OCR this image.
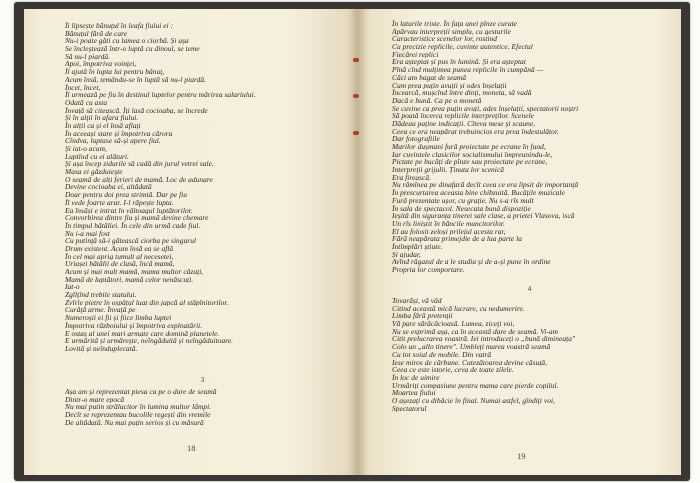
Îi lipsește bănuțul în leafa fiului ei :
Bănuțul fără de care
Nu-i poate găti cu lamea o ciorbă. Și așa
Se încleștează într-o luptă cu dinoul, se teme
Să nu-l piardă.
Apoi, împotriva voinței,
Îl ajută în lupta lui pentru bănuț,
Acum însă, temându-se în luptă să nu-l piardă.
Încet, încet,
Îl urmează pe fiu în destinul luptelor pentru mărirea salariului.
Odată cu asta
Învață să citească. Îți lasă cocioaba, se încrede
Și în alții în afara fiului.
În alții ca și el însă aflați
În aceeași stare și împotriva cărora
Cîndva, luptase să-și apere fiul.
Și iat-o acum,
Luptînd cu ei alături.
Și așa încep zidurile să cadă din jurul vetrei sale.
Masa ei găzduiește
O seamă de alți ferieri de mamă. Loc de adunare
Devine cocioaba ei, altădată
Doar pentru doi prea strimtă. Dar pe fiu
Îl vede foarte arar. I-l răpește lupta.
Ea însăși e intrat în vâltoagul luptătorilor.
Convorbirea dintre fiu și mamă devine chemare
În timpul bătăliei. În cele din urmă cade fiul.
Nu i-a mai fost
Cu putință să-i gătească ciorba pe singurul
Drum existent. Acum însă ea se află
În cel mai aprig tumult al necesetei,
Uriașei bătălii de clasă, încă mamă,
Acum și mai mult mamă, mama multor căzuți,
Mamă de luptători, mamă celor nenăscuți.
Iat-o
Zgîlțînd trebile statului.
Zvîrle pietre în ospățul luat din japcă al stăpînitorilor.
Curăță arme. Învață pe
Numeroșii ei fii și fiice limba luptei
Împotriva războiului și împotriva exploatării.
E ostaș al unei mari armate care domină planetele.
E urmărită și urmărește, neîngăduită și neîngăduitoare.
Lovită și neînduplecată.
3
Așa am și reprezentat piesa ca pe o dare de seamă
Dintr-o mare epocă
Nu mai putin strălucitor în lumina multor lămpi.
Decît se reprezentau bucolile regești din vremile
De altădată. Nu mai puțin serios și cu măsură
În laturile triste. În fața unei pînze curate
Apărvau interpreții simplu, cu gesturile
Caracteristice scenelor lor, rostind
Cu precizie replicile, cuvinte autentice. Efectul
Fiecărei replici
Era așteptat și pus în lumină. Și era așteptat
Pînă cînd mulțimea punea replicile în cumpănă —
Căci am bagat de seamă
Cum prea puțin avuții și odes înșelații
Încearcă, mușcînd între dinți, moneta, să vadă
Dacă e bună. Ca pe o monetă
Se cuvine ca prea puțin avuți, ades înșelații, spectatorii noștri
Să poată încerca replicile interpreților. Scenele
Dădeau paține indicații. Cîteva mese și scaune,
Ceea ce era neapărat trebuincios era prea îndestulător.
Dar fotografiile
Marilor dușmani fură proiectate pe ecrane în fund,
Iar cuvintele clasicilor socialismului împreunindu-le,
Pictate pe bucăți de pînze sau proiectate pe ecrane,
Interpreții grijulii. Ținuta lor scenică
Era firească.
Nu rămînea pe dinafară decît ceea ce era lipsit de importanță
În prescurtarea aceasta bine chibzuită. Bucățile muzicale
Fură prezentate ușor, cu grație. Nu s-a rîs mult
În sala de spectacol. Nesecata bună dispoziție
Ieșită din siguranța tinerei sale clase, a prietei Vlasova, iscă
Un rîs liniștit în băncile muncitorilor.
El au folosit zeloși prilejul acesta rar,
Fără neapărata primejdie de a lua parte la
Întîmplări știute.
Și ajudar,
Avînd răgazul de a le studia și de a-și pune în ordine
Propria lor comportare.
4
Tovarăși, vă văd
Citind această mică lucrare, cu nedumerire.
Limba fără pretenții
Vă pare sărăcăcioasă. Lumea, ziceți voi,
Nu se exprimă așa, ca în această dare de seamă. Vi-am
Citit prelucrarea voastră. Iei introduceți o „bună dimineața"
Colo un „allo tinere". Umbleți marea voastră seamă
Cu tot soiul de mobile. Din vatră
Iese miros de cărbune. Cutezătoarea devine căsuță,
Ceea ce este istorie, ceva de toate zilele.
În loc de uimire
Urmăriți compasiune pentru mama care pierde copilul.
Moartea fiului
O așezați cu dibăcie în final. Numai astfel, gîndiți voi,
Spectatorul
18
19
